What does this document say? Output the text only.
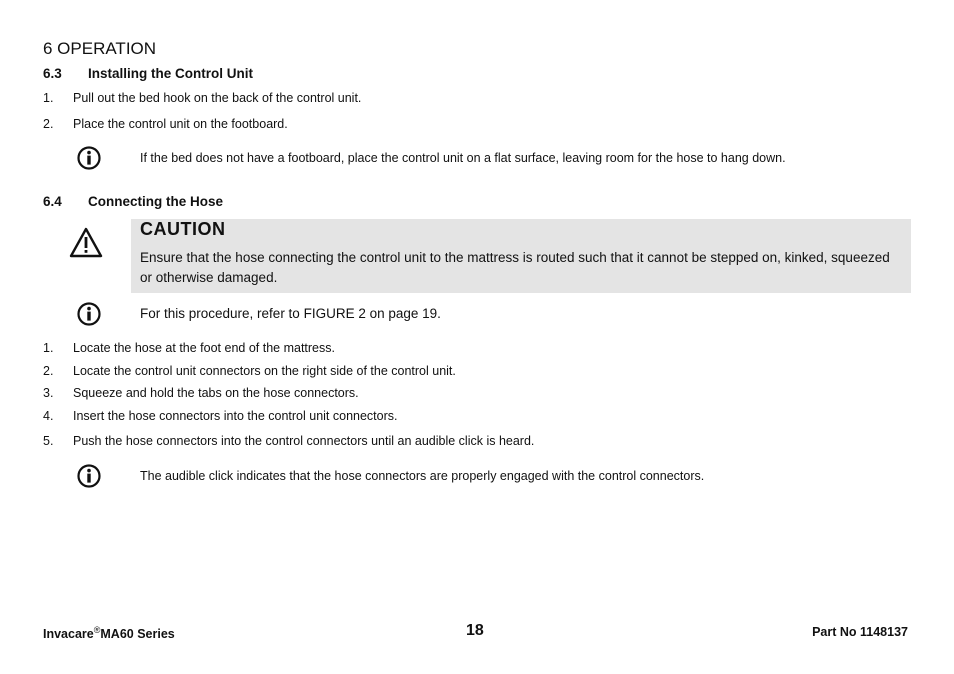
6 OPERATION
6.3 Installing the Control Unit
1. Pull out the bed hook on the back of the control unit.
2. Place the control unit on the footboard.
If the bed does not have a footboard, place the control unit on a flat surface, leaving room for the hose to hang down.
6.4 Connecting the Hose
CAUTION
Ensure that the hose connecting the control unit to the mattress is routed such that it cannot be stepped on, kinked, squeezed or otherwise damaged.
For this procedure, refer to FIGURE 2 on page 19.
1. Locate the hose at the foot end of the mattress.
2. Locate the control unit connectors on the right side of the control unit.
3. Squeeze and hold the tabs on the hose connectors.
4. Insert the hose connectors into the control unit connectors.
5. Push the hose connectors into the control connectors until an audible click is heard.
The audible click indicates that the hose connectors are properly engaged with the control connectors.
Invacare®MA60 Series	18	Part No 1148137
